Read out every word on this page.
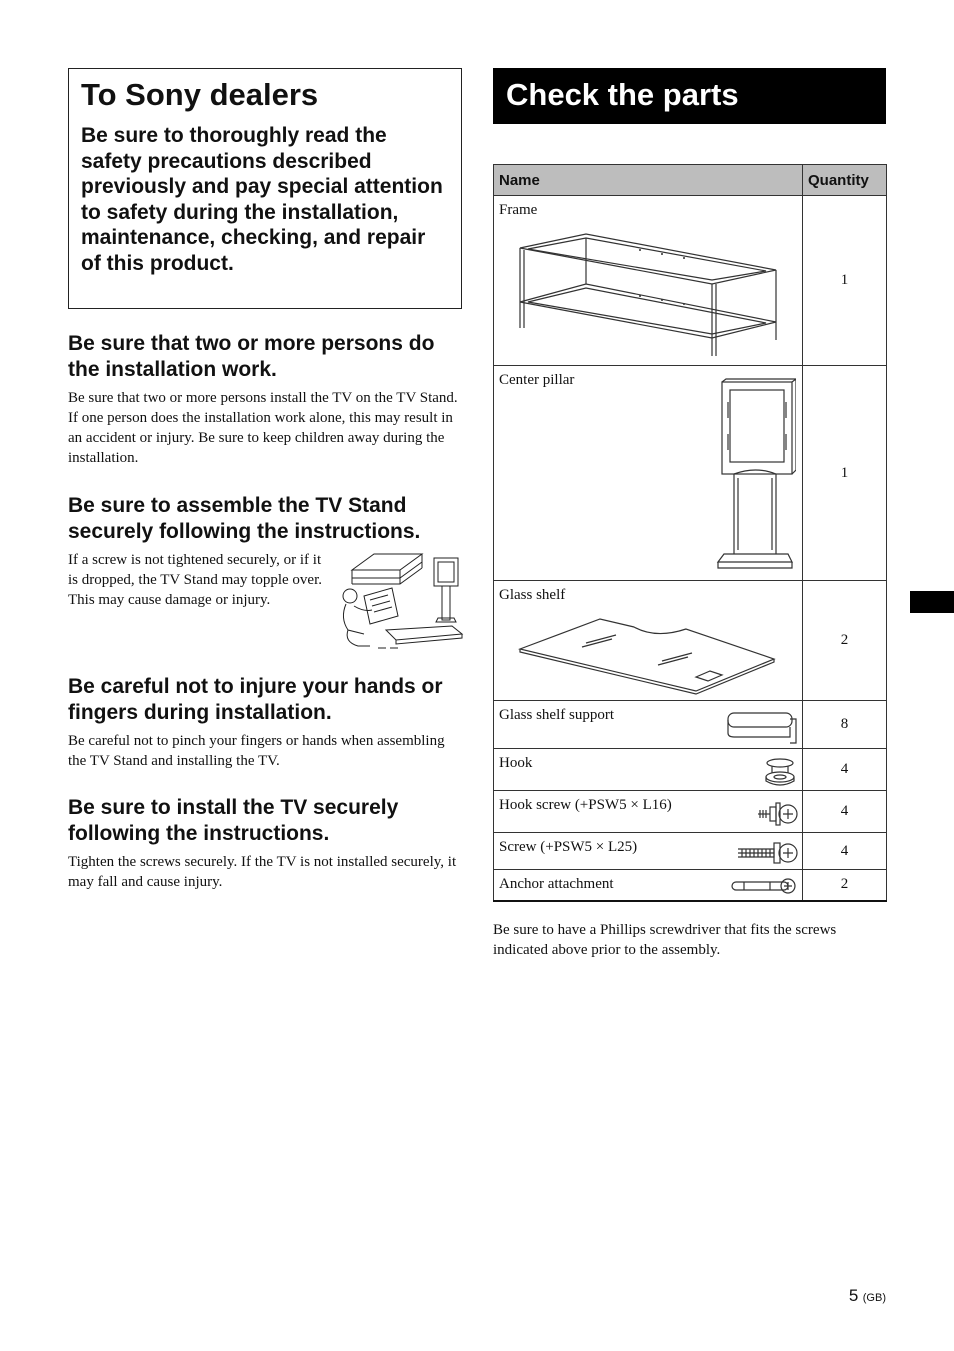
To Sony dealers

Be sure to thoroughly read the safety precautions described previously and pay special attention to safety during the installation, maintenance, checking, and repair of this product.

Be sure that two or more persons do the installation work.

Be sure that two or more persons install the TV on the TV Stand. If one person does the installation work alone, this may result in an accident or injury. Be sure to keep children away during the installation.

Be sure to assemble the TV Stand securely following the instructions.

If a screw is not tightened securely, or if it is dropped, the TV Stand may topple over. This may cause damage or injury.

Be careful not to injure your hands or fingers during installation.

Be careful not to pinch your fingers or hands when assembling the TV Stand and installing the TV.

Be sure to install the TV securely following the instructions.

Tighten the screws securely. If the TV is not installed securely, it may fall and cause injury.

Check the parts
Name	Quantity

Frame	1

Center pillar	1

Glass shelf	2

Glass shelf support	8

Hook	4

Hook screw (+PSW5 × L16)	4

Screw (+PSW5 × L25)	4

Anchor attachment	2

Be sure to have a Phillips screwdriver that fits the screws indicated above prior to the assembly.

5 (GB)
